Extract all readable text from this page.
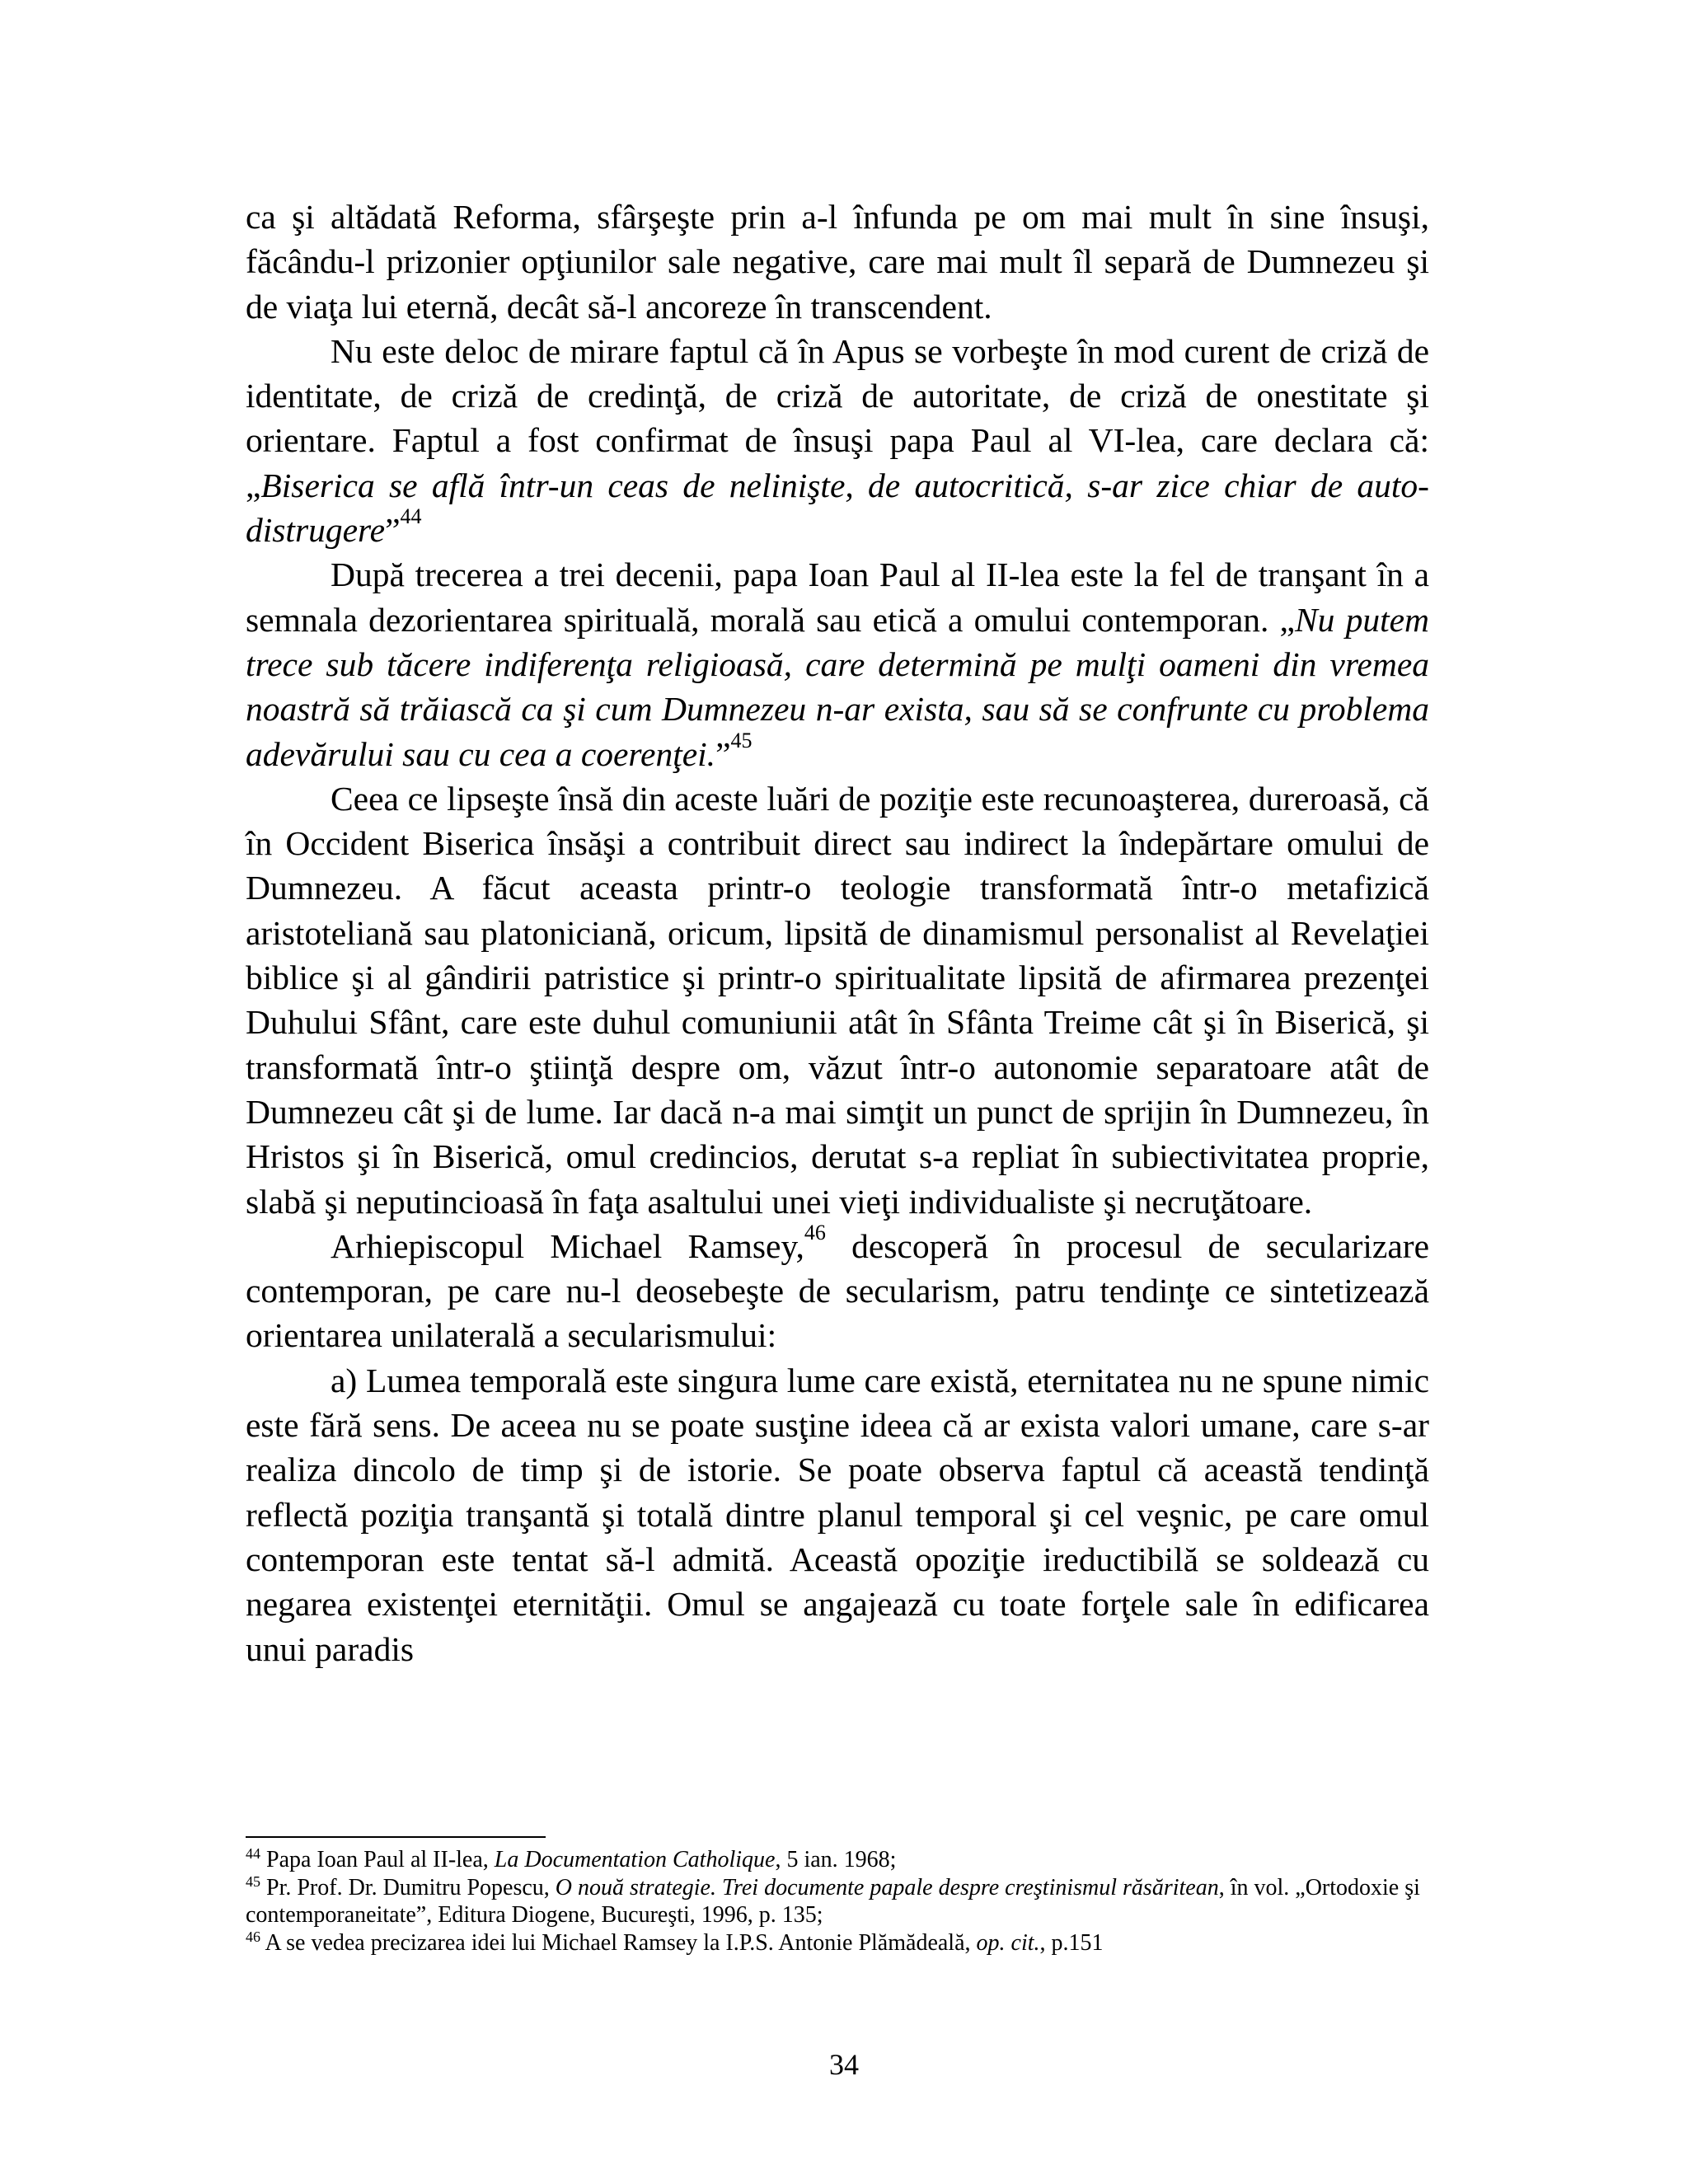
ca şi altădată Reforma, sfârşeşte prin a-l înfunda pe om mai mult în sine însuşi, făcându-l prizonier opţiunilor sale negative, care mai mult îl separă de Dumnezeu şi de viaţa lui eternă, decât să-l ancoreze în transcendent.

Nu este deloc de mirare faptul că în Apus se vorbeşte în mod curent de criză de identitate, de criză de credinţă, de criză de autoritate, de criză de onestitate şi orientare. Faptul a fost confirmat de însuşi papa Paul al VI-lea, care declara că: „Biserica se află într-un ceas de nelinişte, de autocritică, s-ar zice chiar de auto-distrugere”$^{44}$

După trecerea a trei decenii, papa Ioan Paul al II-lea este la fel de tranşant în a semnala dezorientarea spirituală, morală sau etică a omului contemporan. „Nu putem trece sub tăcere indiferenţa religioasă, care determină pe mulţi oameni din vremea noastră să trăiască ca şi cum Dumnezeu n-ar exista, sau să se confrunte cu problema adevărului sau cu cea a coerenţei.”$^{45}$

Ceea ce lipseşte însă din aceste luări de poziţie este recunoaşterea, dureroasă, că în Occident Biserica însăşi a contribuit direct sau indirect la îndepărtare omului de Dumnezeu. A făcut aceasta printr-o teologie transformată într-o metafizică aristoteliană sau platoniciană, oricum, lipsită de dinamismul personalist al Revelaţiei biblice şi al gândirii patristice şi printr-o spiritualitate lipsită de afirmarea prezenţei Duhului Sfânt, care este duhul comuniunii atât în Sfânta Treime cât şi în Biserică, şi transformată într-o ştiinţă despre om, văzut într-o autonomie separatoare atât de Dumnezeu cât şi de lume. Iar dacă n-a mai simţit un punct de sprijin în Dumnezeu, în Hristos şi în Biserică, omul credincios, derutat s-a repliat în subiectivitatea proprie, slabă şi neputincioasă în faţa asaltului unei vieţi individualiste şi necruţătoare.

Arhiepiscopul Michael Ramsey,$^{46}$ descoperă în procesul de secularizare contemporan, pe care nu-l deosebeşte de secularism, patru tendinţe ce sintetizează orientarea unilaterală a secularismului:

a) Lumea temporală este singura lume care există, eternitatea nu ne spune nimic este fără sens. De aceea nu se poate susţine ideea că ar exista valori umane, care s-ar realiza dincolo de timp şi de istorie. Se poate observa faptul că această tendinţă reflectă poziţia tranşantă şi totală dintre planul temporal şi cel veşnic, pe care omul contemporan este tentat să-l admită. Această opoziţie ireductibilă se soldează cu negarea existenţei eternităţii. Omul se angajează cu toate forţele sale în edificarea unui paradis

$^{44}$ Papa Ioan Paul al II-lea, La Documentation Catholique, 5 ian. 1968;

$^{45}$ Pr. Prof. Dr. Dumitru Popescu, O nouă strategie. Trei documente papale despre creştinismul răsăritean, în vol. „Ortodoxie şi contemporaneitate”, Editura Diogene, Bucureşti, 1996, p. 135;

$^{46}$ A se vedea precizarea idei lui Michael Ramsey la I.P.S. Antonie Plămădeală, op. cit., p.151

34
